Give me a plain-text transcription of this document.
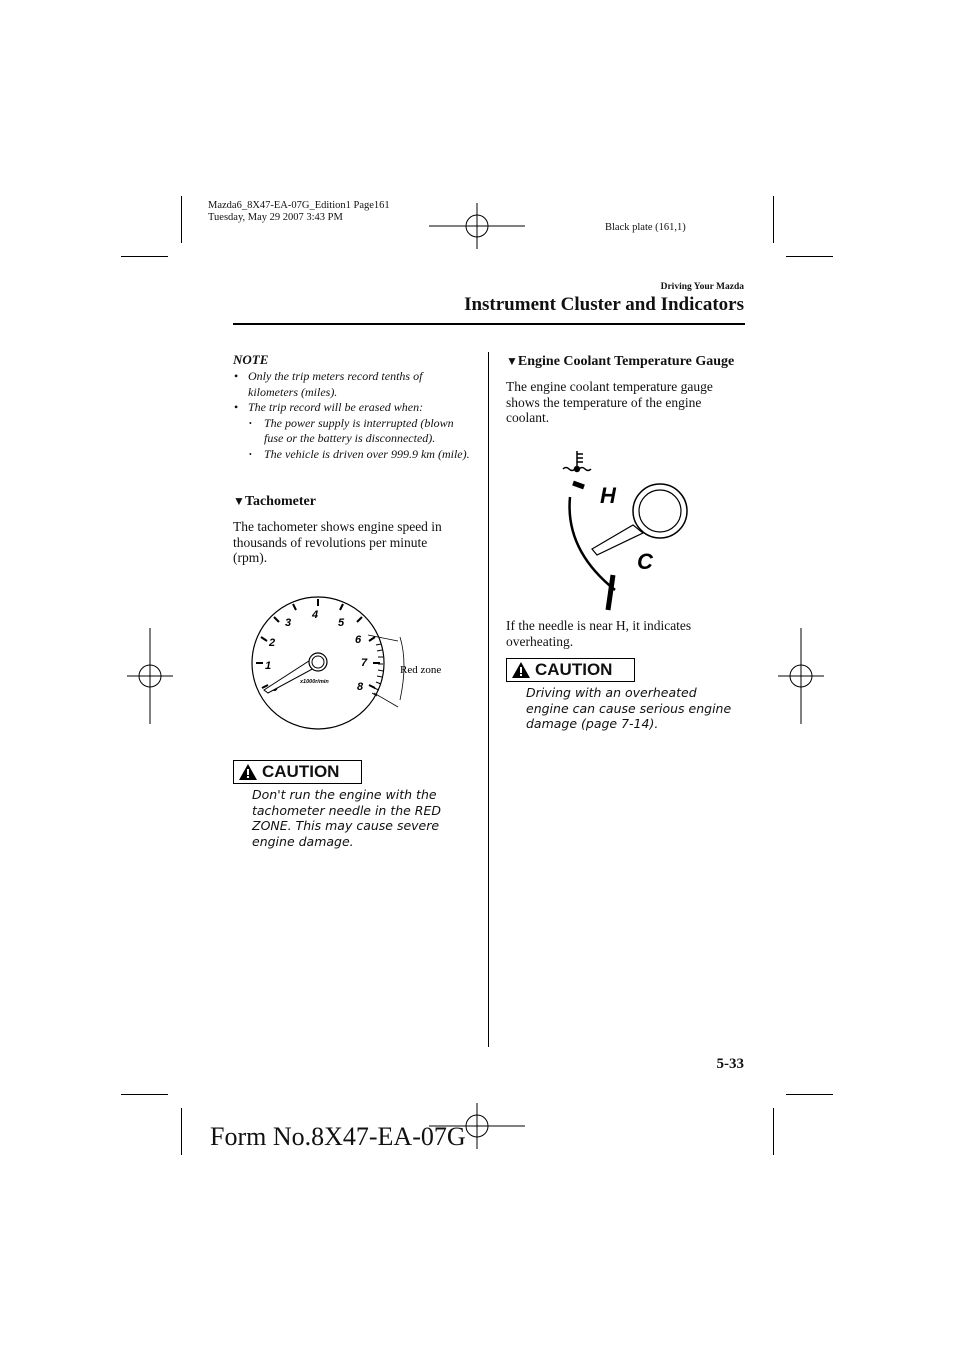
Mazda6_8X47-EA-07G_Edition1 Page161
Tuesday, May 29 2007 3:43 PM
Black plate (161,1)
Driving Your Mazda
Instrument Cluster and Indicators
NOTE
• Only the trip meters record tenths of kilometers (miles).
• The trip record will be erased when:
• The power supply is interrupted (blown fuse or the battery is disconnected).
• The vehicle is driven over 999.9 km (mile).
▼Tachometer
The tachometer shows engine speed in thousands of revolutions per minute (rpm).
1
2
3
4
5
6
7
8
x1000r/min
Red zone
CAUTION
Don't run the engine with the tachometer needle in the RED ZONE. This may cause severe engine damage.
▼Engine Coolant Temperature Gauge
The engine coolant temperature gauge shows the temperature of the engine coolant.
H
C
If the needle is near H, it indicates overheating.
CAUTION
Driving with an overheated engine can cause serious engine damage (page 7-14).
5-33
Form No.8X47-EA-07G
